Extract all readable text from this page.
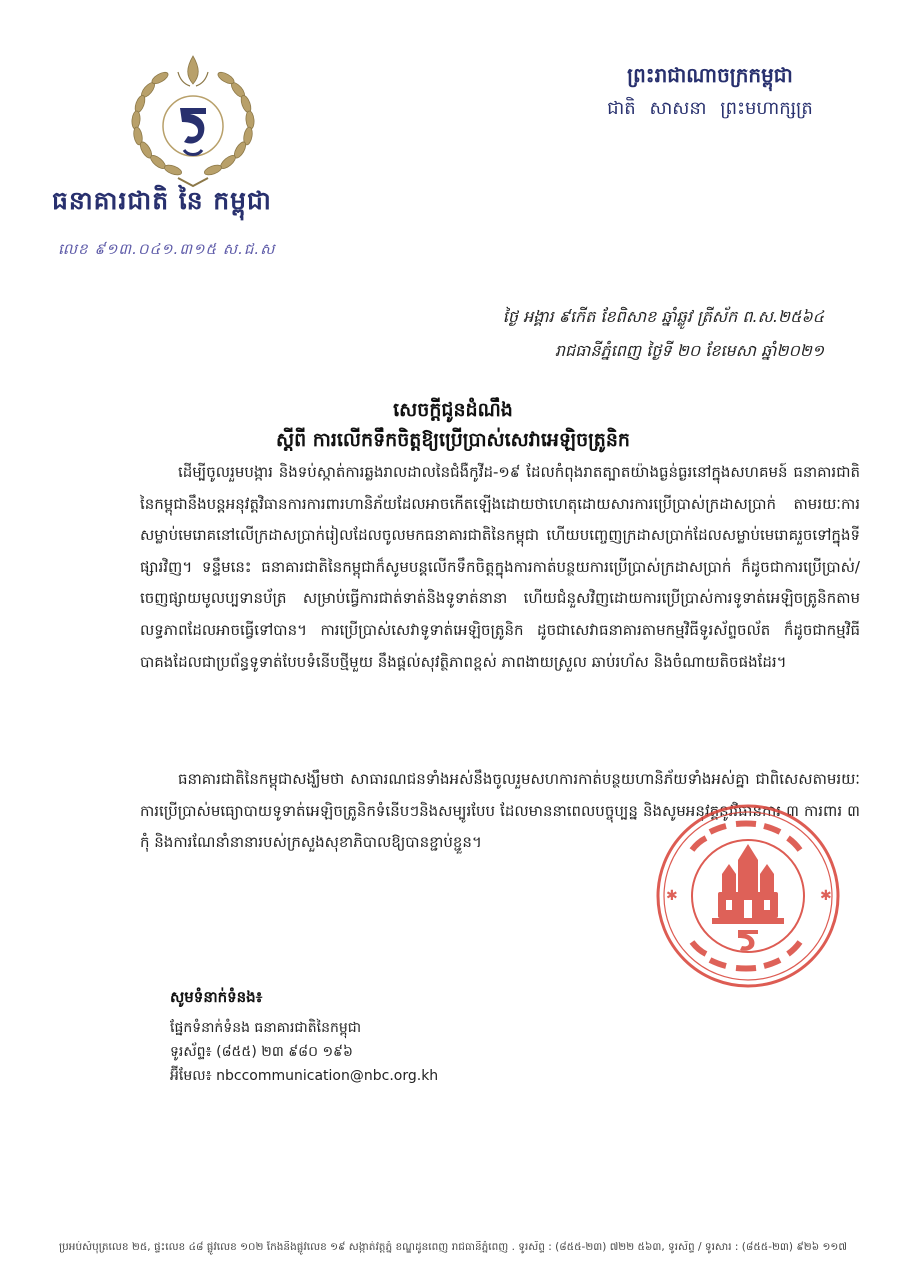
ធនាគារជាតិ នៃ កម្ពុជា
លេខ ៩១៣.០៤១.៣១៥ ស.ជ.ស
ព្រះរាជាណាចក្រកម្ពុជា
ជាតិ សាសនា ព្រះមហាក្សត្រ
ថ្ងៃ អង្គារ ៩កើត ខែពិសាខ ឆ្នាំឆ្លូវ ត្រីស័ក ព.ស.២៥៦៤
រាជធានីភ្នំពេញ ថ្ងៃទី ២០ ខែមេសា ឆ្នាំ២០២១
សេចក្តីជូនដំណឹង
ស្តីពី ការលើកទឹកចិត្តឱ្យប្រើប្រាស់សេវាអេឡិចត្រូនិក
ដើម្បីចូលរួមបង្ការ និងទប់ស្កាត់ការឆ្លងរាលដាលនៃជំងឺកូវីដ-១៩ ដែលកំពុងរាតត្បាតយ៉ាងធ្ងន់ធ្ងរនៅក្នុងសហគមន៍ ធនាគារជាតិនៃកម្ពុជានឹងបន្តអនុវត្តវិធានការការពារហានិភ័យដែលអាចកើតឡើងដោយថាហេតុដោយសារការប្រើប្រាស់ក្រដាសប្រាក់ តាមរយៈការសម្លាប់មេរោគនៅលើក្រដាសប្រាក់រៀលដែលចូលមកធនាគារជាតិនៃកម្ពុជា ហើយបញ្ចេញក្រដាសប្រាក់ដែលសម្លាប់មេរោគរួចទៅក្នុងទីផ្សារវិញ។ ទន្ទឹមនេះ ធនាគារជាតិនៃកម្ពុជាក៏សូមបន្តលើកទឹកចិត្តក្នុងការកាត់បន្ថយការប្រើប្រាស់ក្រដាសប្រាក់ ក៏ដូចជាការប្រើប្រាស់/ចេញផ្សាយមូលប្បទានប័ត្រ សម្រាប់ធ្វើការជាត់ទាត់និងទូទាត់នានា ហើយជំនួសវិញដោយការប្រើប្រាស់ការទូទាត់អេឡិចត្រូនិកតាមលទ្ធភាពដែលអាចធ្វើទៅបាន។ ការប្រើប្រាស់សេវាទូទាត់អេឡិចត្រូនិក ដូចជាសេវាធនាគារតាមកម្មវិធីទូរស័ព្ទចល័ត ក៏ដូចជាកម្មវិធីបាគងដែលជាប្រព័ន្ធទូទាត់បែបទំនើបថ្មីមួយ នឹងផ្តល់សុវត្ថិភាពខ្ពស់ ភាពងាយស្រួល ឆាប់រហ័ស និងចំណាយតិចផងដែរ។
ធនាគារជាតិនៃកម្ពុជាសង្ឃឹមថា សាធារណជនទាំងអស់នឹងចូលរួមសហការកាត់បន្ថយហានិភ័យទាំងអស់គ្នា ជាពិសេសតាមរយៈការប្រើប្រាស់មធ្យោបាយទូទាត់អេឡិចត្រូនិកទំនើបៗនិងសម្បូរបែប ដែលមាននាពេលបច្ចុប្បន្ន និងសូមអនុវត្តនូវវិធានការ ៣ ការពារ ៣ កុំ និងការណែនាំនានារបស់ក្រសួងសុខាភិបាលឱ្យបានខ្ជាប់ខ្ជួន។
✱	✱
សូមទំនាក់ទំនង៖
ផ្នែកទំនាក់ទំនង ធនាគារជាតិនៃកម្ពុជា
ទូរស័ព្ទ៖ (៨៥៥) ២៣ ៩៨០ ១៩៦
អ៊ីមែល៖ nbccommunication@nbc.org.kh
ប្រអប់សំបុត្រលេខ ២៥, ផ្ទះលេខ ៤៨ ផ្លូវលេខ ១០២ កែងនឹងផ្លូវលេខ ១៩ សង្កាត់វត្តភ្នំ ខណ្ឌដូនពេញ រាជធានីភ្នំពេញ . ទូរស័ព្ទ : (៨៥៥-២៣) ៧២២ ៥៦៣, ទូរស័ព្ទ / ទូរសារ : (៨៥៥-២៣) ៩២៦ ១១៧
